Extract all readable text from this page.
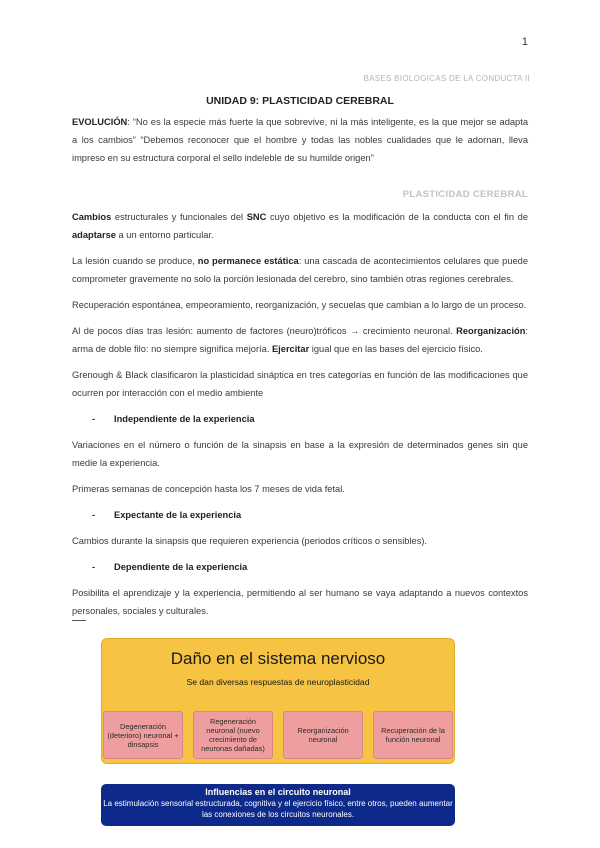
1
BASES BIOLOGICAS DE LA CONDUCTA II
UNIDAD 9: PLASTICIDAD CEREBRAL

EVOLUCIÓN: “No es la especie más fuerte la que sobrevive, ni la más inteligente, es la que mejor se adapta a los cambios” “Debemos reconocer que el hombre y todas las nobles cualidades que le adornan, lleva impreso en su estructura corporal el sello indeleble de su humilde origen”

PLASTICIDAD CEREBRAL

Cambios estructurales y funcionales del SNC cuyo objetivo es la modificación de la conducta con el fin de adaptarse a un entorno particular.

La lesión cuando se produce, no permanece estática: una cascada de acontecimientos celulares que puede comprometer gravemente no solo la porción lesionada del cerebro, sino también otras regiones cerebrales.

Recuperación espontánea, empeoramiento, reorganización, y secuelas que cambian a lo largo de un proceso.

Al de pocos días tras lesión: aumento de factores (neuro)tróficos → crecimiento neuronal. Reorganización: arma de doble filo: no siempre significa mejoría. Ejercitar igual que en las bases del ejercicio físico.

Grenough & Black clasificaron la plasticidad sináptica en tres categorías en función de las modificaciones que ocurren por interacción con el medio ambiente

- Independiente de la experiencia

Variaciones en el número o función de la sinapsis en base a la expresión de determinados genes sin que medie la experiencia.

Primeras semanas de concepción hasta los 7 meses de vida fetal.

- Expectante de la experiencia

Cambios durante la sinapsis que requieren experiencia (periodos críticos o sensibles).

- Dependiente de la experiencia

Posibilita el aprendizaje y la experiencia, permitiendo al ser humano se vaya adaptando a nuevos contextos personales, sociales y culturales.

Daño en el sistema nervioso
Se dan diversas respuestas de neuroplasticidad
Degeneración (deterioro) neuronal + dinsapsis
Regeneración neuronal (nuevo crecimiento de neuronas dañadas)
Reorganización neuronal
Recuperación de la función neuronal
Influencias en el circuito neuronal
La estimulación sensorial estructurada, cognitiva y el ejercicio físico, entre otros, pueden aumentar las conexiones de los circuitos neuronales.
